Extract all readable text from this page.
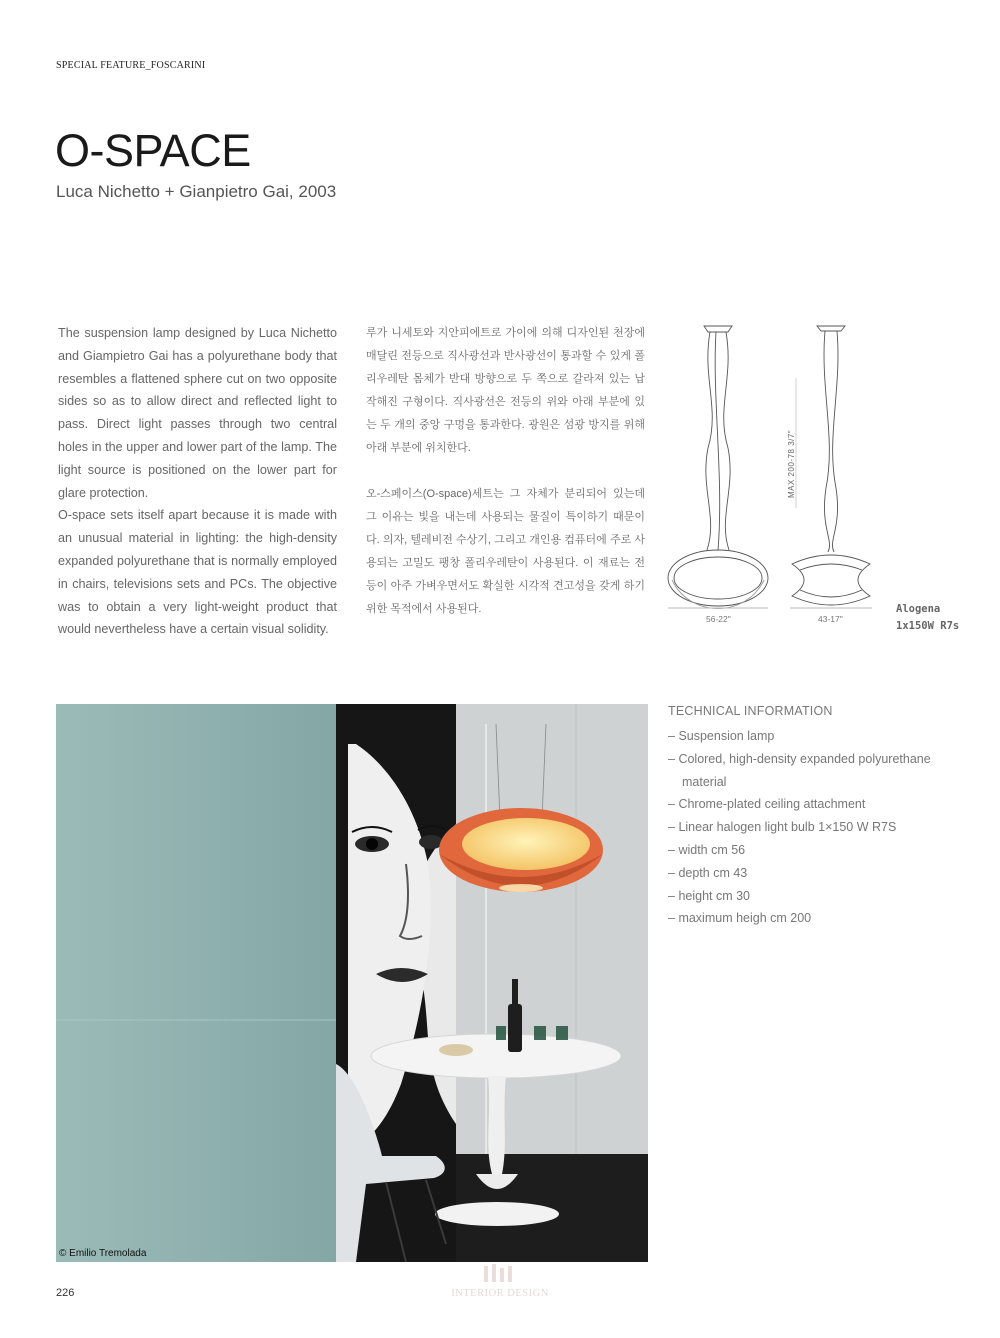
SPECIAL FEATURE_FOSCARINI
O-SPACE
Luca Nichetto + Gianpietro Gai, 2003

The suspension lamp designed by Luca Nichetto and Giampietro Gai has a polyurethane body that resembles a flattened sphere cut on two opposite sides so as to allow direct and reflected light to pass. Direct light passes through two central holes in the upper and lower part of the lamp. The light source is positioned on the lower part for glare protection.

O-space sets itself apart because it is made with an unusual material in lighting: the high-density expanded polyurethane that is normally employed in chairs, televisions sets and PCs. The objective was to obtain a very light-weight product that would nevertheless have a certain visual solidity.

루가 니세토와 지안피에트로 가이에 의해 디자인된 천장에 매달린 전등으로 직사광선과 반사광선이 통과할 수 있게 폴리우레탄 몸체가 반대 방향으로 두 쪽으로 갈라져 있는 납작해진 구형이다. 직사광선은 전등의 위와 아래 부분에 있는 두 개의 중앙 구멍을 통과한다. 광원은 섬광 방지를 위해 아래 부분에 위치한다.

오-스페이스(O-space)세트는 그 자체가 분리되어 있는데 그 이유는 빛을 내는데 사용되는 물질이 특이하기 때문이다. 의자, 텔레비전 수상기, 그리고 개인용 컴퓨터에 주로 사용되는 고밀도 팽창 폴리우레탄이 사용된다. 이 재료는 전등이 아주 가벼우면서도 확실한 시각적 견고성을 갖게 하기 위한 목적에서 사용된다.

MAX 200-78 3/7"
56-22"	43-17"
Alogena
1x150W R7s
© Emilio Tremolada
TECHNICAL INFORMATION
– Suspension lamp
– Colored, high-density expanded polyurethane material
– Chrome-plated ceiling attachment
– Linear halogen light bulb 1×150 W R7S
– width cm 56
– depth cm 43
– height cm 30
– maximum heigh cm 200
226	INTERIOR DESIGN
